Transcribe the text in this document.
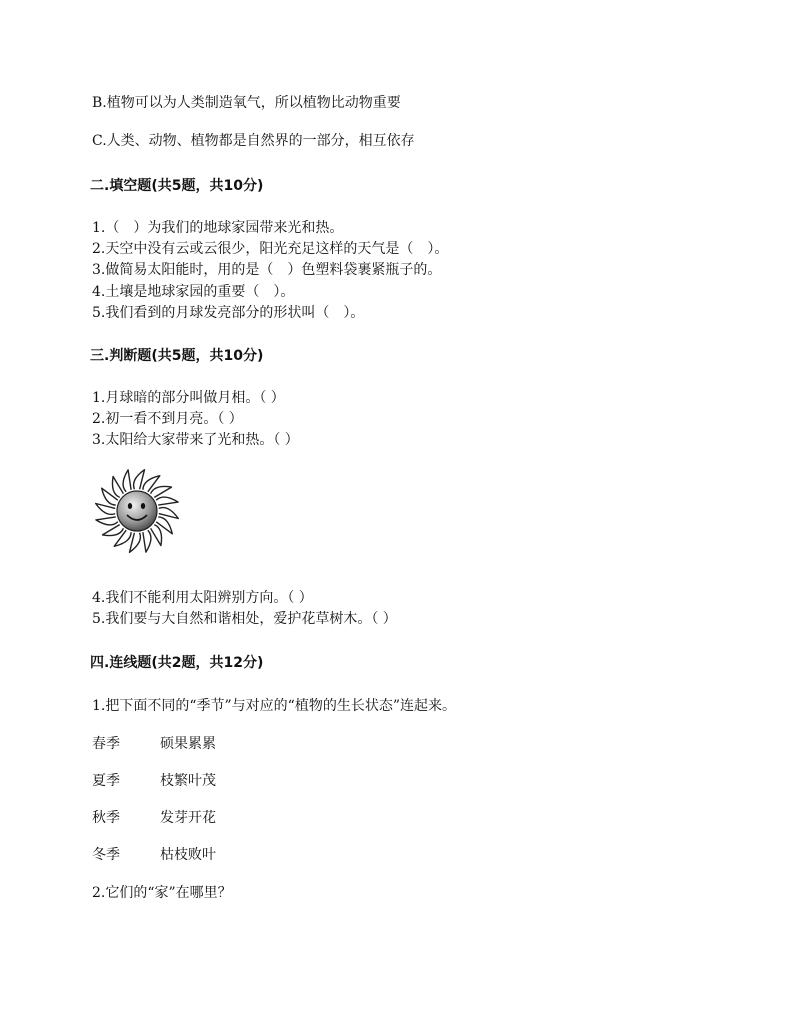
B.植物可以为人类制造氧气，所以植物比动物重要
C.人类、动物、植物都是自然界的一部分，相互依存
二.填空题(共5题，共10分)
1.（　）为我们的地球家园带来光和热。
2.天空中没有云或云很少，阳光充足这样的天气是（　）。
3.做简易太阳能时，用的是（　）色塑料袋裹紧瓶子的。
4.土壤是地球家园的重要（　）。
5.我们看到的月球发亮部分的形状叫（　）。
三.判断题(共5题，共10分)
1.月球暗的部分叫做月相。（ ）
2.初一看不到月亮。（ ）
3.太阳给大家带来了光和热。（ ）
4.我们不能利用太阳辨别方向。（ ）
5.我们要与大自然和谐相处，爱护花草树木。（ ）
四.连线题(共2题，共12分)
1.把下面不同的“季节”与对应的“植物的生长状态”连起来。
春季	硕果累累
夏季	枝繁叶茂
秋季	发芽开花
冬季	枯枝败叶
2.它们的“家”在哪里？
